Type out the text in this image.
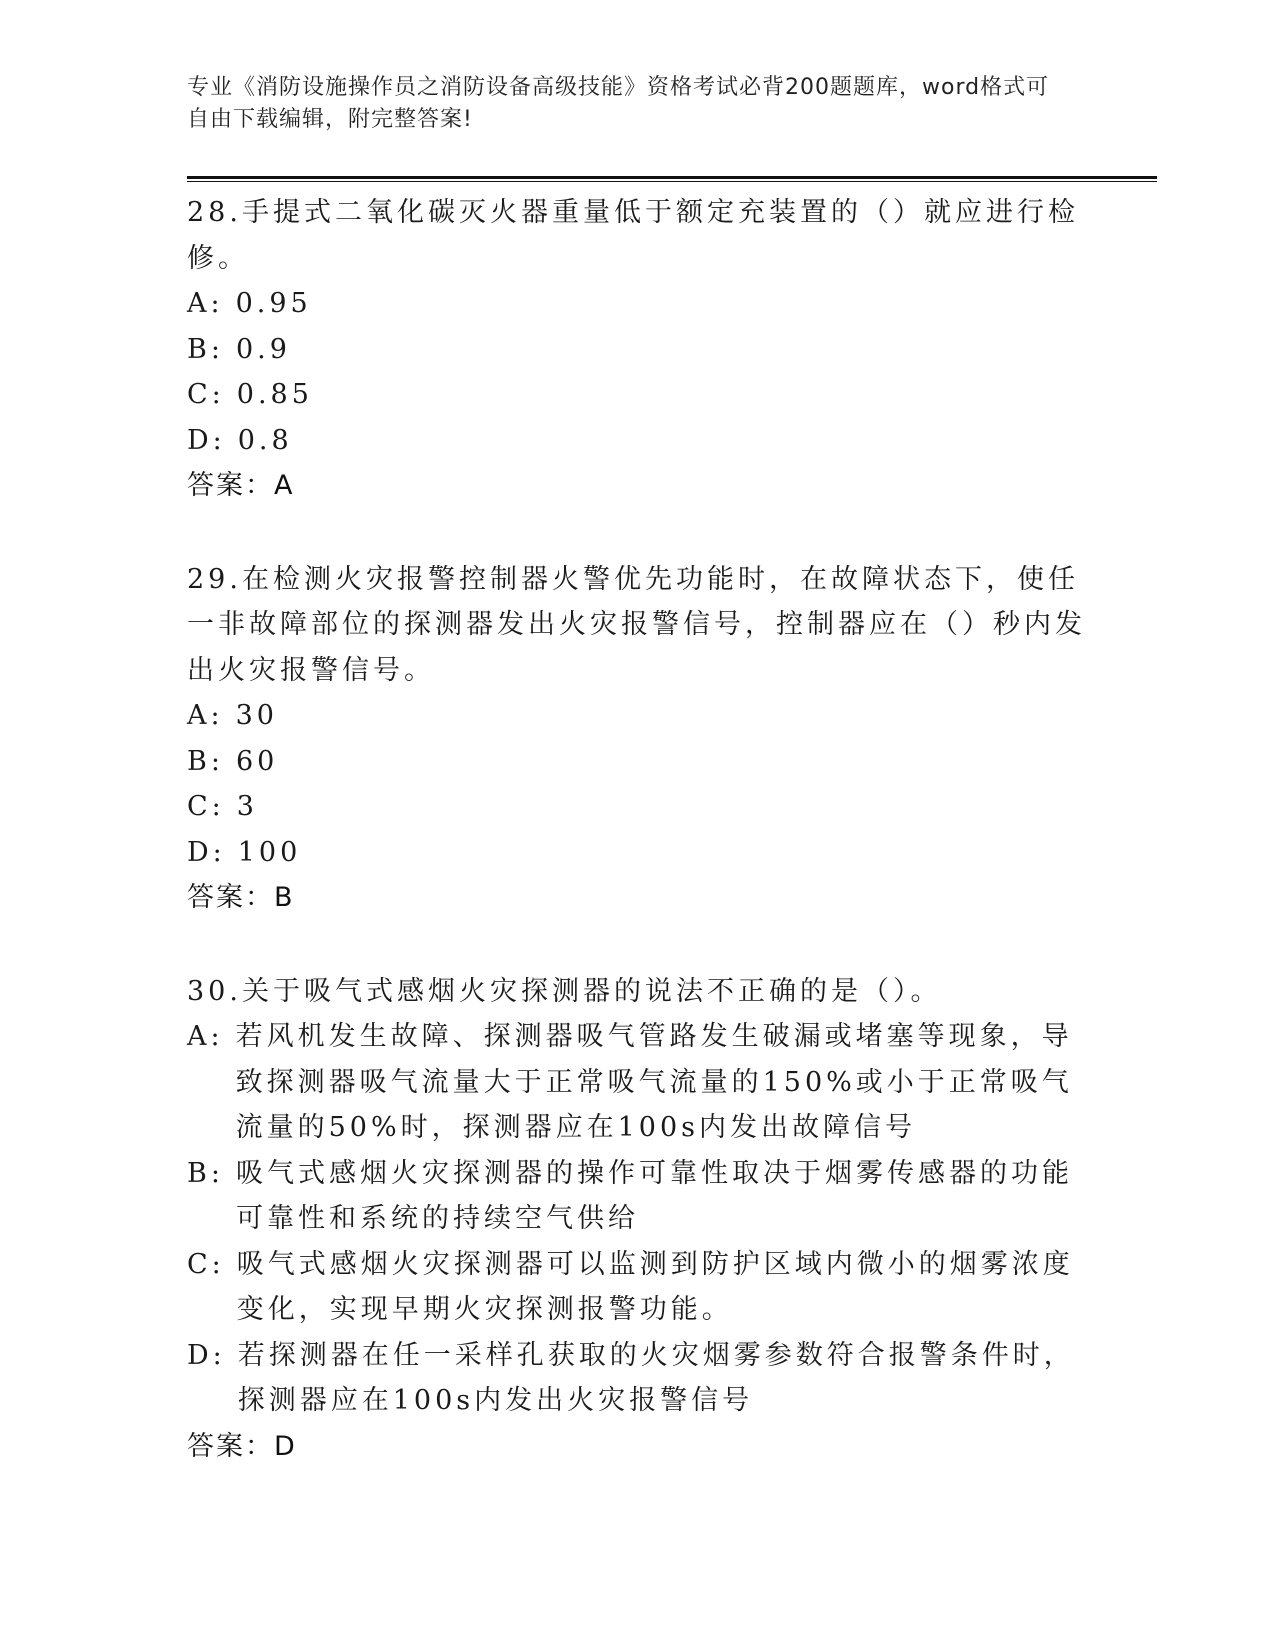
专业《消防设施操作员之消防设备高级技能》资格考试必背200题题库，word格式可自由下载编辑，附完整答案!
28.手提式二氧化碳灭火器重量低于额定充装置的（）就应进行检修。
A: 0.95
B: 0.9
C: 0.85
D: 0.8
答案：A
29.在检测火灾报警控制器火警优先功能时，在故障状态下，使任一非故障部位的探测器发出火灾报警信号，控制器应在（）秒内发出火灾报警信号。
A: 30
B: 60
C: 3
D: 100
答案：B
30.关于吸气式感烟火灾探测器的说法不正确的是（）。
A: 若风机发生故障、探测器吸气管路发生破漏或堵塞等现象，导致探测器吸气流量大于正常吸气流量的150%或小于正常吸气流量的50%时，探测器应在100s内发出故障信号
B: 吸气式感烟火灾探测器的操作可靠性取决于烟雾传感器的功能可靠性和系统的持续空气供给
C: 吸气式感烟火灾探测器可以监测到防护区域内微小的烟雾浓度变化，实现早期火灾探测报警功能。
D: 若探测器在任一采样孔获取的火灾烟雾参数符合报警条件时，探测器应在100s内发出火灾报警信号
答案：D
